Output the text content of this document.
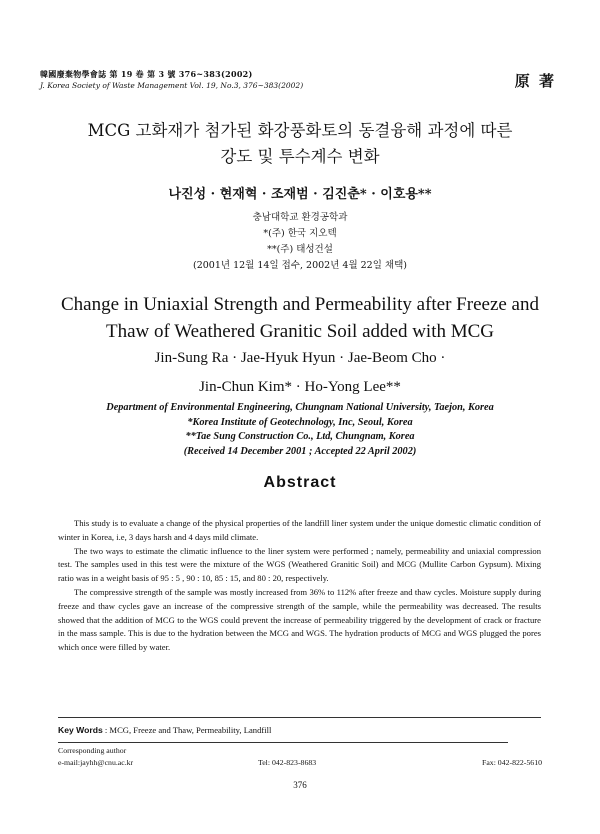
韓國廢棄物學會誌 第 19 卷 第 3 號 376~383(2002)
J. Korea Society of Waste Management Vol. 19, No.3, 376~383(2002)	原 著
MCG 고화재가 첨가된 화강풍화토의 동결융해 과정에 따른
강도 및 투수계수 변화
나진성 · 현재혁 · 조재범 · 김진춘* · 이호용**
충남대학교 환경공학과
*(주) 한국 지오텍
**(주) 태성건설
(2001년 12월 14일 접수, 2002년 4월 22일 채택)
Change in Uniaxial Strength and Permeability after Freeze and
Thaw of Weathered Granitic Soil added with MCG
Jin-Sung Ra · Jae-Hyuk Hyun · Jae-Beom Cho ·
Jin-Chun Kim* · Ho-Yong Lee**
Department of Environmental Engineering, Chungnam National University, Taejon, Korea
*Korea Institute of Geotechnology, Inc, Seoul, Korea
**Tae Sung Construction Co., Ltd, Chungnam, Korea
(Received 14 December 2001 ; Accepted 22 April 2002)
Abstract

This study is to evaluate a change of the physical properties of the landfill liner system under the unique domestic climatic condition of winter in Korea, i.e, 3 days harsh and 4 days mild climate.

The two ways to estimate the climatic influence to the liner system were performed ; namely, permeability and uniaxial compression test. The samples used in this test were the mixture of the WGS (Weathered Granitic Soil) and MCG (Mullite Carbon Gypsum). Mixing ratio was in a weight basis of 95 : 5 , 90 : 10, 85 : 15, and 80 : 20, respectively.

The compressive strength of the sample was mostly increased from 36% to 112% after freeze and thaw cycles. Moisture supply during freeze and thaw cycles gave an increase of the compressive strength of the sample, while the permeability was decreased. The results showed that the addition of MCG to the WGS could prevent the increase of permeability triggered by the development of crack or fracture in the mass sample. This is due to the hydration between the MCG and WGS. The hydration products of MCG and WGS plugged the pores which once were filled by water.

Key Words : MCG, Freeze and Thaw, Permeability, Landfill
Corresponding author
e-mail:jayhh@cnu.ac.kr	Tel: 042-823-8683	Fax: 042-822-5610
376
